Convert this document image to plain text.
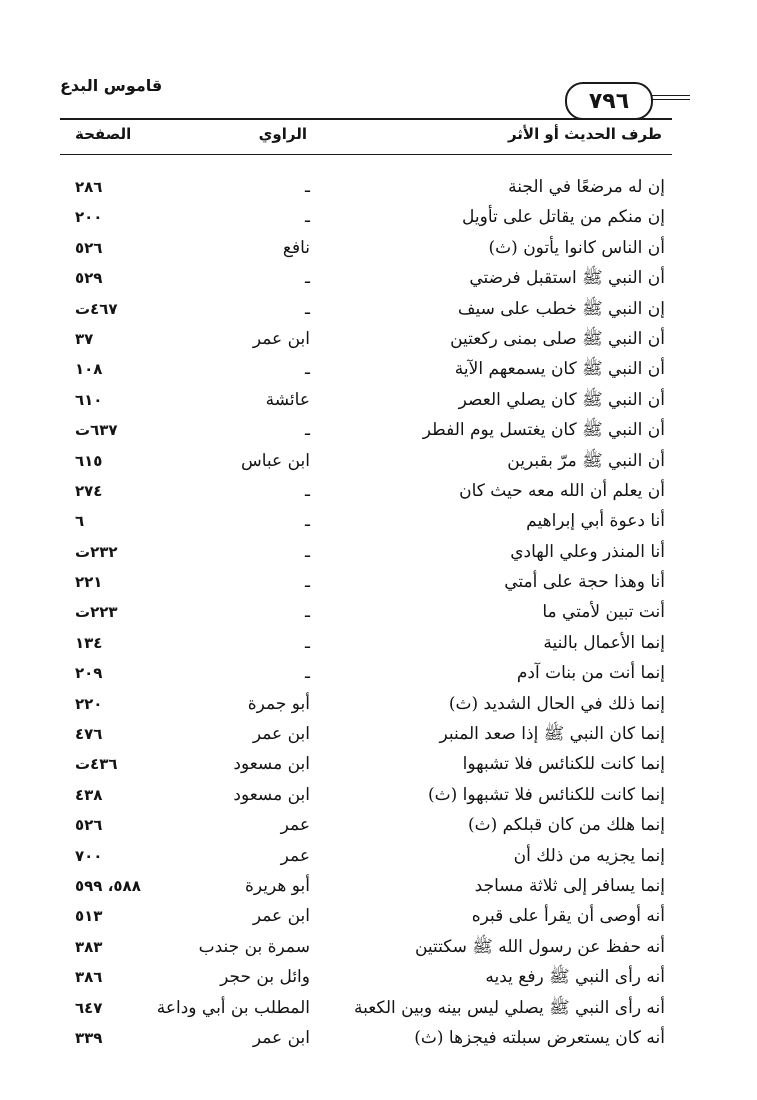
٧٩٦
قاموس البدع
طرف الحديث أو الأثر
الراوي
الصفحة
إن له مرضعًا في الجنة
ـ
٢٨٦
إن منكم من يقاتل على تأويل
ـ
٢٠٠
أن الناس كانوا يأتون (ث)
نافع
٥٢٦
أن النبي ﷺ استقبل فرضتي
ـ
٥٢٩
إن النبي ﷺ خطب على سيف
ـ
٤٦٧ت
أن النبي ﷺ صلى بمنى ركعتين
ابن عمر
٣٧
أن النبي ﷺ كان يسمعهم الآية
ـ
١٠٨
أن النبي ﷺ كان يصلي العصر
عائشة
٦١٠
أن النبي ﷺ كان يغتسل يوم الفطر
ـ
٦٣٧ت
أن النبي ﷺ مرّ بقبرين
ابن عباس
٦١٥
أن يعلم أن الله معه حيث كان
ـ
٢٧٤
أنا دعوة أبي إبراهيم
ـ
٦
أنا المنذر وعلي الهادي
ـ
٢٣٢ت
أنا وهذا حجة على أمتي
ـ
٢٢١
أنت تبين لأمتي ما
ـ
٢٢٣ت
إنما الأعمال بالنية
ـ
١٣٤
إنما أنت من بنات آدم
ـ
٢٠٩
إنما ذلك في الحال الشديد (ث)
أبو جمرة
٢٢٠
إنما كان النبي ﷺ إذا صعد المنبر
ابن عمر
٤٧٦
إنما كانت للكنائس فلا تشبهوا
ابن مسعود
٤٣٦ت
إنما كانت للكنائس فلا تشبهوا (ث)
ابن مسعود
٤٣٨
إنما هلك من كان قبلكم (ث)
عمر
٥٢٦
إنما يجزيه من ذلك أن
عمر
٧٠٠
إنما يسافر إلى ثلاثة مساجد
أبو هريرة
٥٨٨، ٥٩٩
أنه أوصى أن يقرأ على قبره
ابن عمر
٥١٣
أنه حفظ عن رسول الله ﷺ سكتتين
سمرة بن جندب
٣٨٣
أنه رأى النبي ﷺ رفع يديه
وائل بن حجر
٣٨٦
أنه رأى النبي ﷺ يصلي ليس بينه وبين الكعبة
المطلب بن أبي وداعة
٦٤٧
أنه كان يستعرض سبلته فيجزها (ث)
ابن عمر
٣٣٩
